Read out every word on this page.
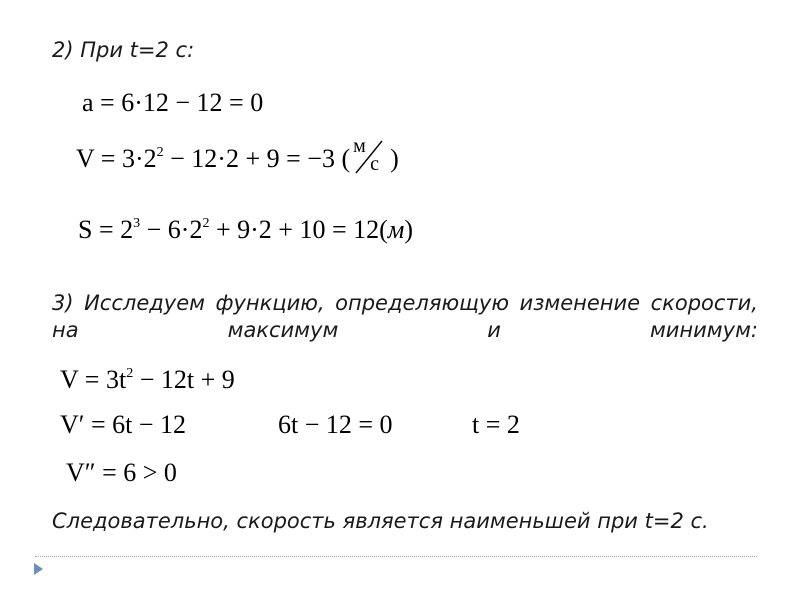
2) При t=2 с:
a = 6·12 − 12 = 0
$V = 3\cdot 2^2 - 12\cdot 2 + 9 = -3$ ( м
с )
$S = 2^3 - 6\cdot 2^2 + 9\cdot 2 + 10 = 12(м)$
3) Исследуем функцию, определяющую изменение скорости, на максимум и минимум:
$V = 3t^2 - 12t + 9$
V′ = 6t − 12	6t − 12 = 0	t = 2
V″ = 6 > 0
Следовательно, скорость является наименьшей при t=2 с.
